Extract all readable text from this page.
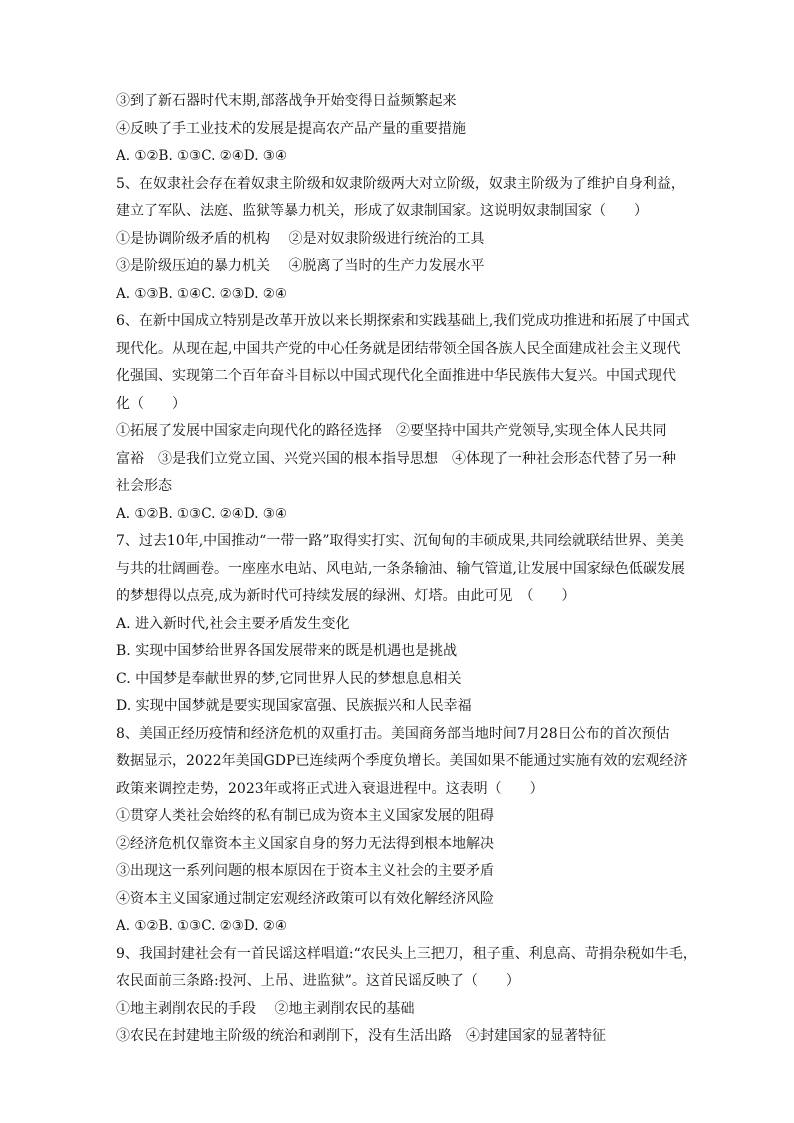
③到了新石器时代末期,部落战争开始变得日益频繁起来
④反映了手工业技术的发展是提高农产品产量的重要措施
A. ①②B. ①③C. ②④D. ③④
5、在奴隶社会存在着奴隶主阶级和奴隶阶级两大对立阶级，奴隶主阶级为了维护自身利益，
建立了军队、法庭、监狱等暴力机关，形成了奴隶制国家。这说明奴隶制国家（　　）
①是协调阶级矛盾的机构　 ②是对奴隶阶级进行统治的工具
③是阶级压迫的暴力机关　 ④脱离了当时的生产力发展水平
A. ①③B. ①④C. ②③D. ②④
6、在新中国成立特别是改革开放以来长期探索和实践基础上,我们党成功推进和拓展了中国式
现代化。从现在起,中国共产党的中心任务就是团结带领全国各族人民全面建成社会主义现代
化强国、实现第二个百年奋斗目标以中国式现代化全面推进中华民族伟大复兴。中国式现代
化（　　）
①拓展了发展中国家走向现代化的路径选择　②要坚持中国共产党领导,实现全体人民共同
富裕　③是我们立党立国、兴党兴国的根本指导思想　④体现了一种社会形态代替了另一种
社会形态
A. ①②B. ①③C. ②④D. ③④
7、过去10年,中国推动“一带一路”取得实打实、沉甸甸的丰硕成果,共同绘就联结世界、美美
与共的壮阔画卷。一座座水电站、风电站,一条条输油、输气管道,让发展中国家绿色低碳发展
的梦想得以点亮,成为新时代可持续发展的绿洲、灯塔。由此可见　（　　）
A. 进入新时代,社会主要矛盾发生变化
B. 实现中国梦给世界各国发展带来的既是机遇也是挑战
C. 中国梦是奉献世界的梦,它同世界人民的梦想息息相关
D. 实现中国梦就是要实现国家富强、民族振兴和人民幸福
8、美国正经历疫情和经济危机的双重打击。美国商务部当地时间7月28日公布的首次预估
数据显示，2022年美国GDP已连续两个季度负增长。美国如果不能通过实施有效的宏观经济
政策来调控走势，2023年或将正式进入衰退进程中。这表明（　　）
①贯穿人类社会始终的私有制已成为资本主义国家发展的阻碍
②经济危机仅靠资本主义国家自身的努力无法得到根本地解决
③出现这一系列问题的根本原因在于资本主义社会的主要矛盾
④资本主义国家通过制定宏观经济政策可以有效化解经济风险
A. ①②B. ①③C. ②③D. ②④
9、我国封建社会有一首民谣这样唱道:“农民头上三把刀，租子重、利息高、苛捐杂税如牛毛，
农民面前三条路:投河、上吊、进监狱”。这首民谣反映了（　　）
①地主剥削农民的手段　 ②地主剥削农民的基础
③农民在封建地主阶级的统治和剥削下，没有生活出路　④封建国家的显著特征
